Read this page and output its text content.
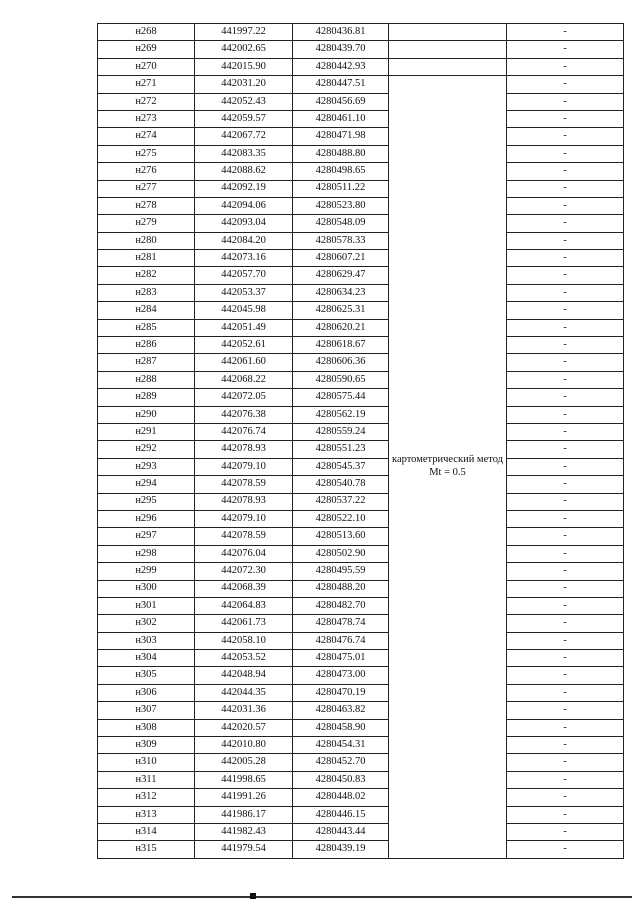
н268	441997.22	4280436.81		-
н269	442002.65	4280439.70		-
н270	442015.90	4280442.93		-
н271	442031.20	4280447.51	картометрический метод Mt = 0.5	-
н272	442052.43	4280456.69		-
н273	442059.57	4280461.10		-
н274	442067.72	4280471.98		-
н275	442083.35	4280488.80		-
н276	442088.62	4280498.65		-
н277	442092.19	4280511.22		-
н278	442094.06	4280523.80		-
н279	442093.04	4280548.09		-
н280	442084.20	4280578.33		-
н281	442073.16	4280607.21		-
н282	442057.70	4280629.47		-
н283	442053.37	4280634.23		-
н284	442045.98	4280625.31		-
н285	442051.49	4280620.21		-
н286	442052.61	4280618.67		-
н287	442061.60	4280606.36		-
н288	442068.22	4280590.65		-
н289	442072.05	4280575.44		-
н290	442076.38	4280562.19		-
н291	442076.74	4280559.24		-
н292	442078.93	4280551.23		-
н293	442079.10	4280545.37		-
н294	442078.59	4280540.78		-
н295	442078.93	4280537.22		-
н296	442079.10	4280522.10		-
н297	442078.59	4280513.60		-
н298	442076.04	4280502.90		-
н299	442072.30	4280495.59		-
н300	442068.39	4280488.20		-
н301	442064.83	4280482.70		-
н302	442061.73	4280478.74		-
н303	442058.10	4280476.74		-
н304	442053.52	4280475.01		-
н305	442048.94	4280473.00		-
н306	442044.35	4280470.19		-
н307	442031.36	4280463.82		-
н308	442020.57	4280458.90		-
н309	442010.80	4280454.31		-
н310	442005.28	4280452.70		-
н311	441998.65	4280450.83		-
н312	441991.26	4280448.02		-
н313	441986.17	4280446.15		-
н314	441982.43	4280443.44		-
н315	441979.54	4280439.19		-
